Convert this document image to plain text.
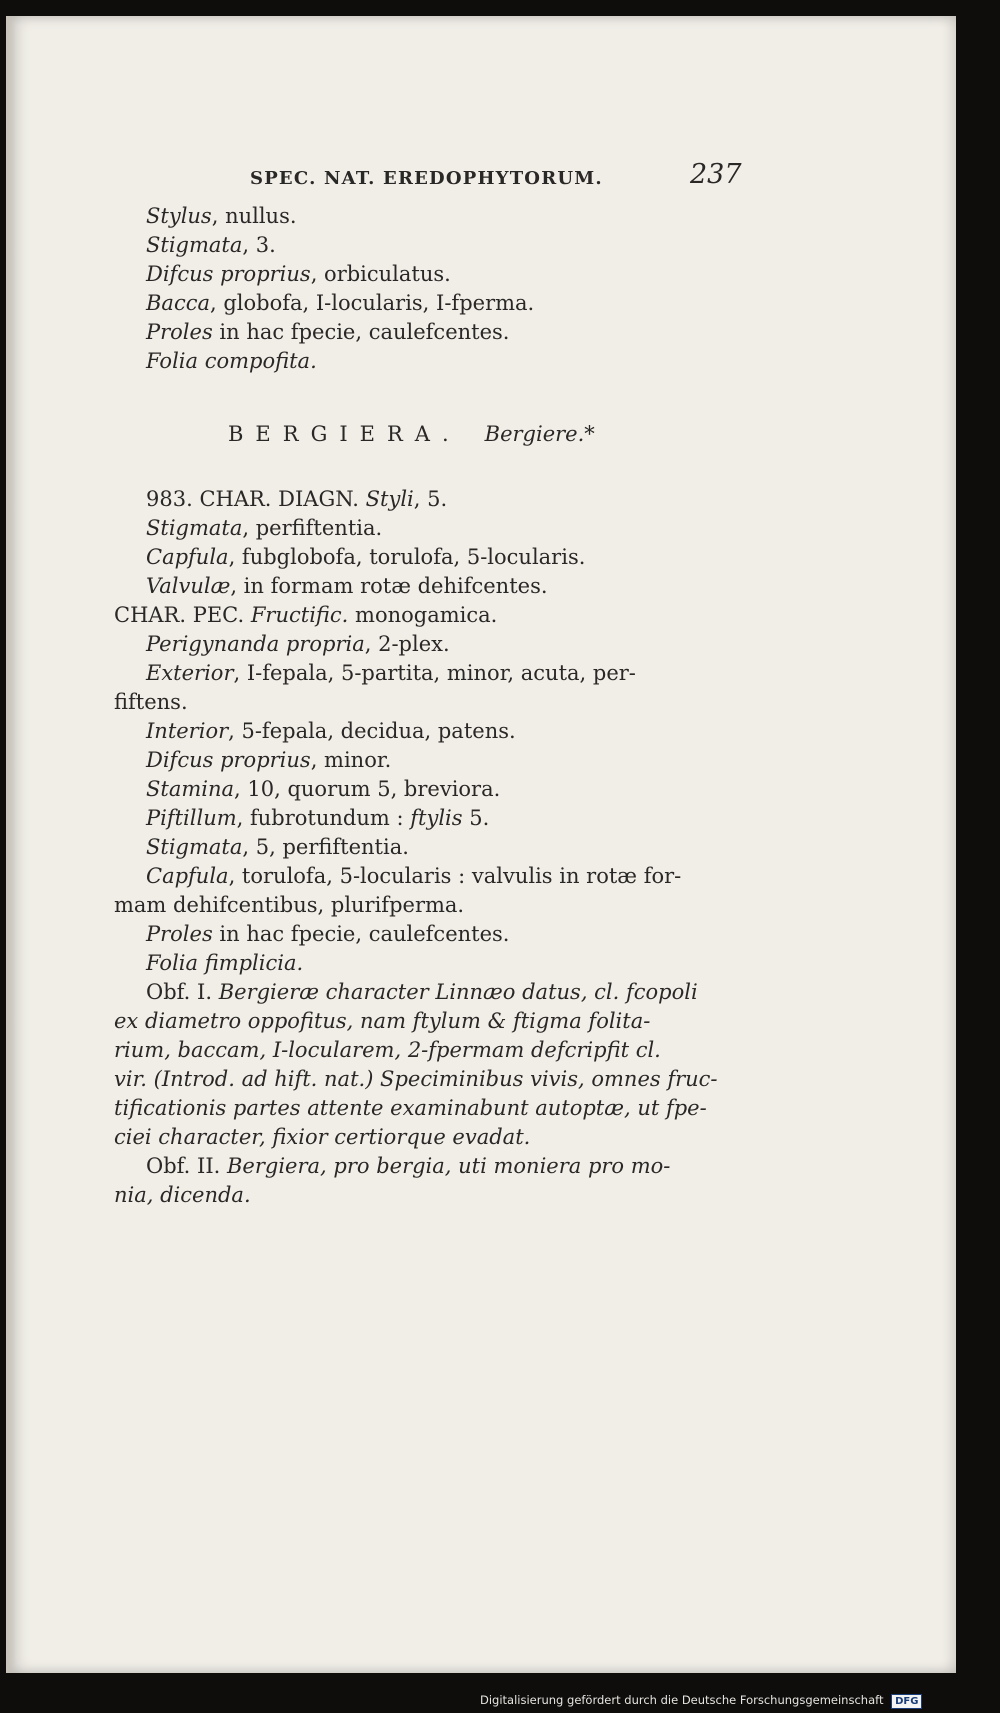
SPEC. NAT. EREDOPHYTORUM.	237
Stylus, nullus.
Stigmata, 3.
Difcus proprius, orbiculatus.
Bacca, globofa, I-locularis, I-fperma.
Proles in hac fpecie, caulefcentes.
Folia compofita.
BERGIERA. Bergiere.*
983. CHAR. DIAGN. Styli, 5.
Stigmata, perfiftentia.
Capfula, fubglobofa, torulofa, 5-locularis.
Valvulæ, in formam rotæ dehifcentes.
CHAR. PEC. Fructific. monogamica.
Perigynanda propria, 2-plex.
Exterior, I-fepala, 5-partita, minor, acuta, per-
fiftens.
Interior, 5-fepala, decidua, patens.
Difcus proprius, minor.
Stamina, 10, quorum 5, breviora.
Piftillum, fubrotundum : ftylis 5.
Stigmata, 5, perfiftentia.
Capfula, torulofa, 5-locularis : valvulis in rotæ for-
mam dehifcentibus, plurifperma.
Proles in hac fpecie, caulefcentes.
Folia fimplicia.
Obf. I. Bergieræ character Linnæo datus, cl. fcopoli
ex diametro oppofitus, nam ftylum & ftigma folita-
rium, baccam, I-locularem, 2-fpermam defcripfit cl.
vir. (Introd. ad hift. nat.) Speciminibus vivis, omnes fruc-
tificationis partes attente examinabunt autoptæ, ut fpe-
ciei character, fixior certiorque evadat.
Obf. II. Bergiera, pro bergia, uti moniera pro mo-
nia, dicenda.
Digitalisierung gefördert durch die Deutsche Forschungsgemeinschaft DFG
